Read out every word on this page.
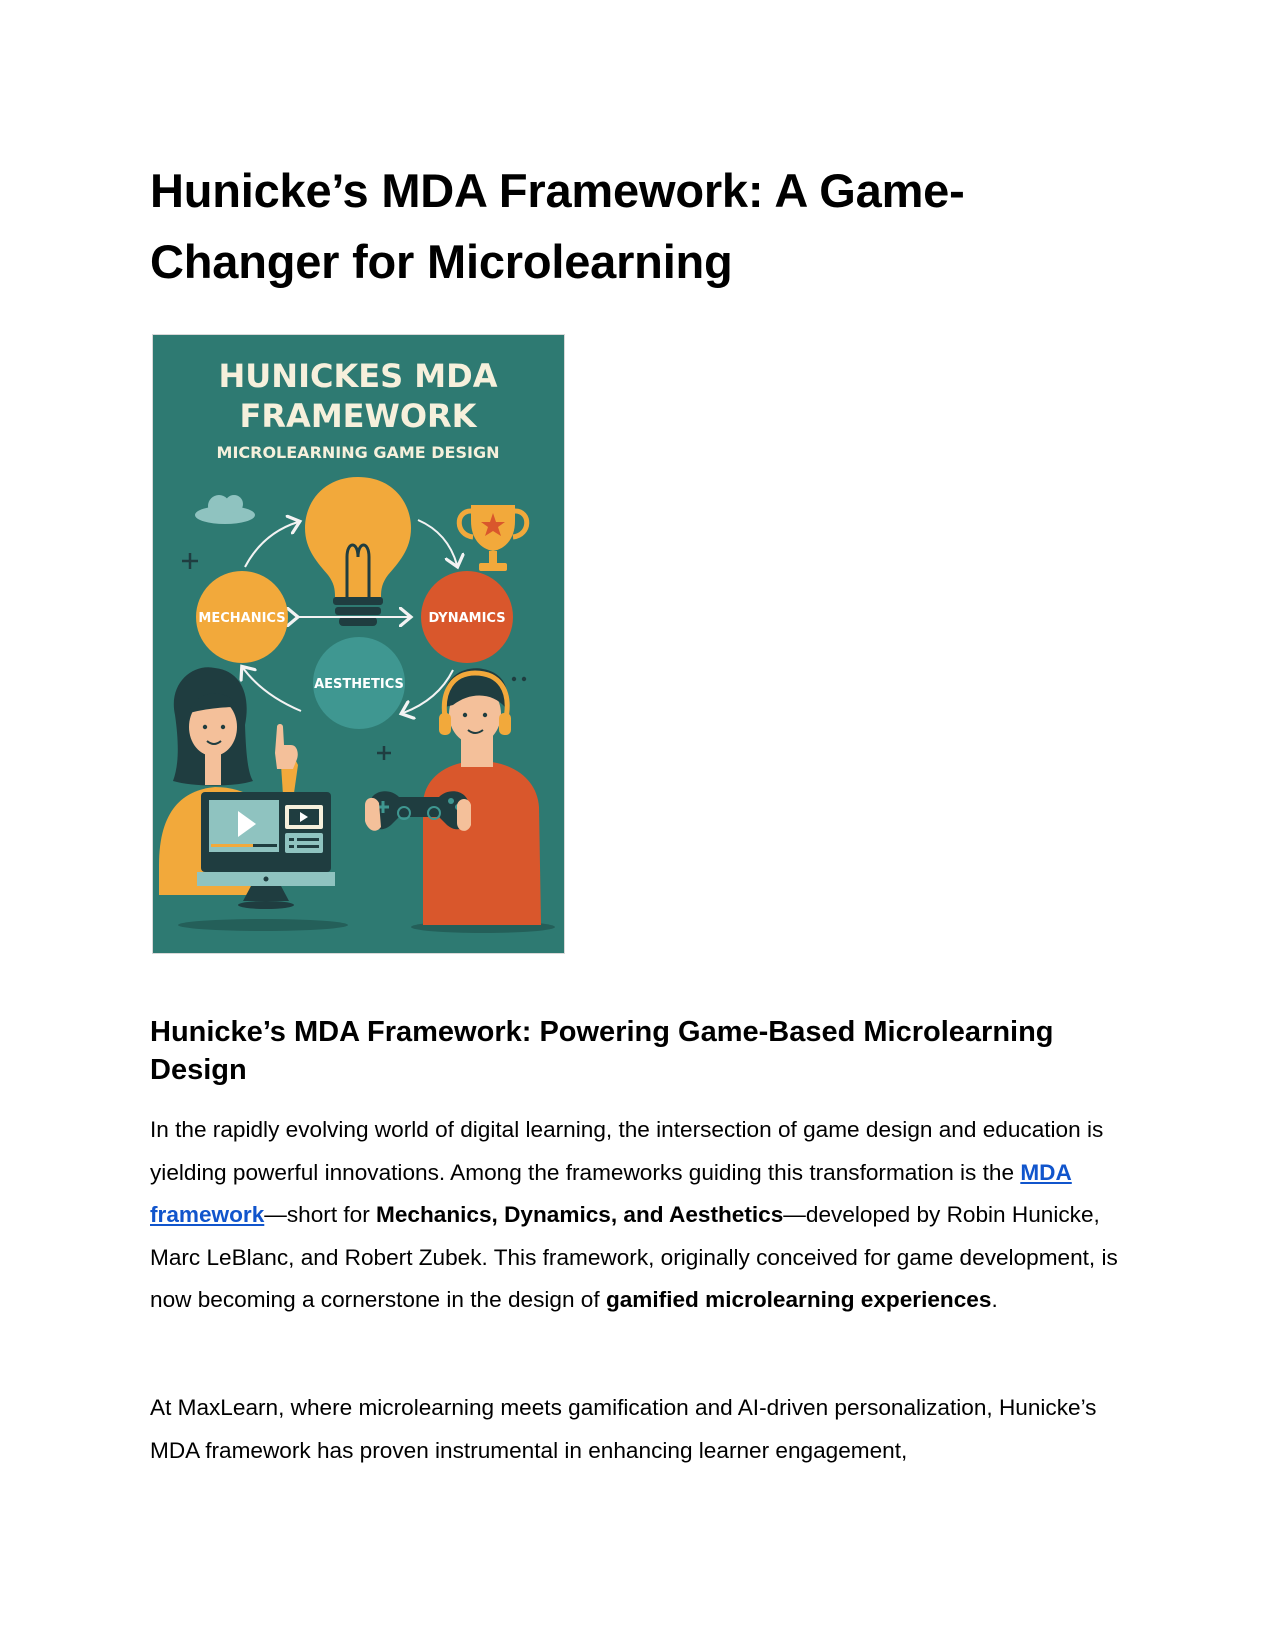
Hunicke’s MDA Framework: A Game-Changer for Microlearning
HUNICKES MDA
FRAMEWORK
MICROLEARNING GAME DESIGN
MECHANICS	DYNAMICS
AESTHETICS
Hunicke’s MDA Framework: Powering Game-Based Microlearning Design

In the rapidly evolving world of digital learning, the intersection of game design and education is yielding powerful innovations. Among the frameworks guiding this transformation is the MDA framework—short for Mechanics, Dynamics, and Aesthetics—developed by Robin Hunicke, Marc LeBlanc, and Robert Zubek. This framework, originally conceived for game development, is now becoming a cornerstone in the design of gamified microlearning experiences.

At MaxLearn, where microlearning meets gamification and AI-driven personalization, Hunicke’s MDA framework has proven instrumental in enhancing learner engagement,
